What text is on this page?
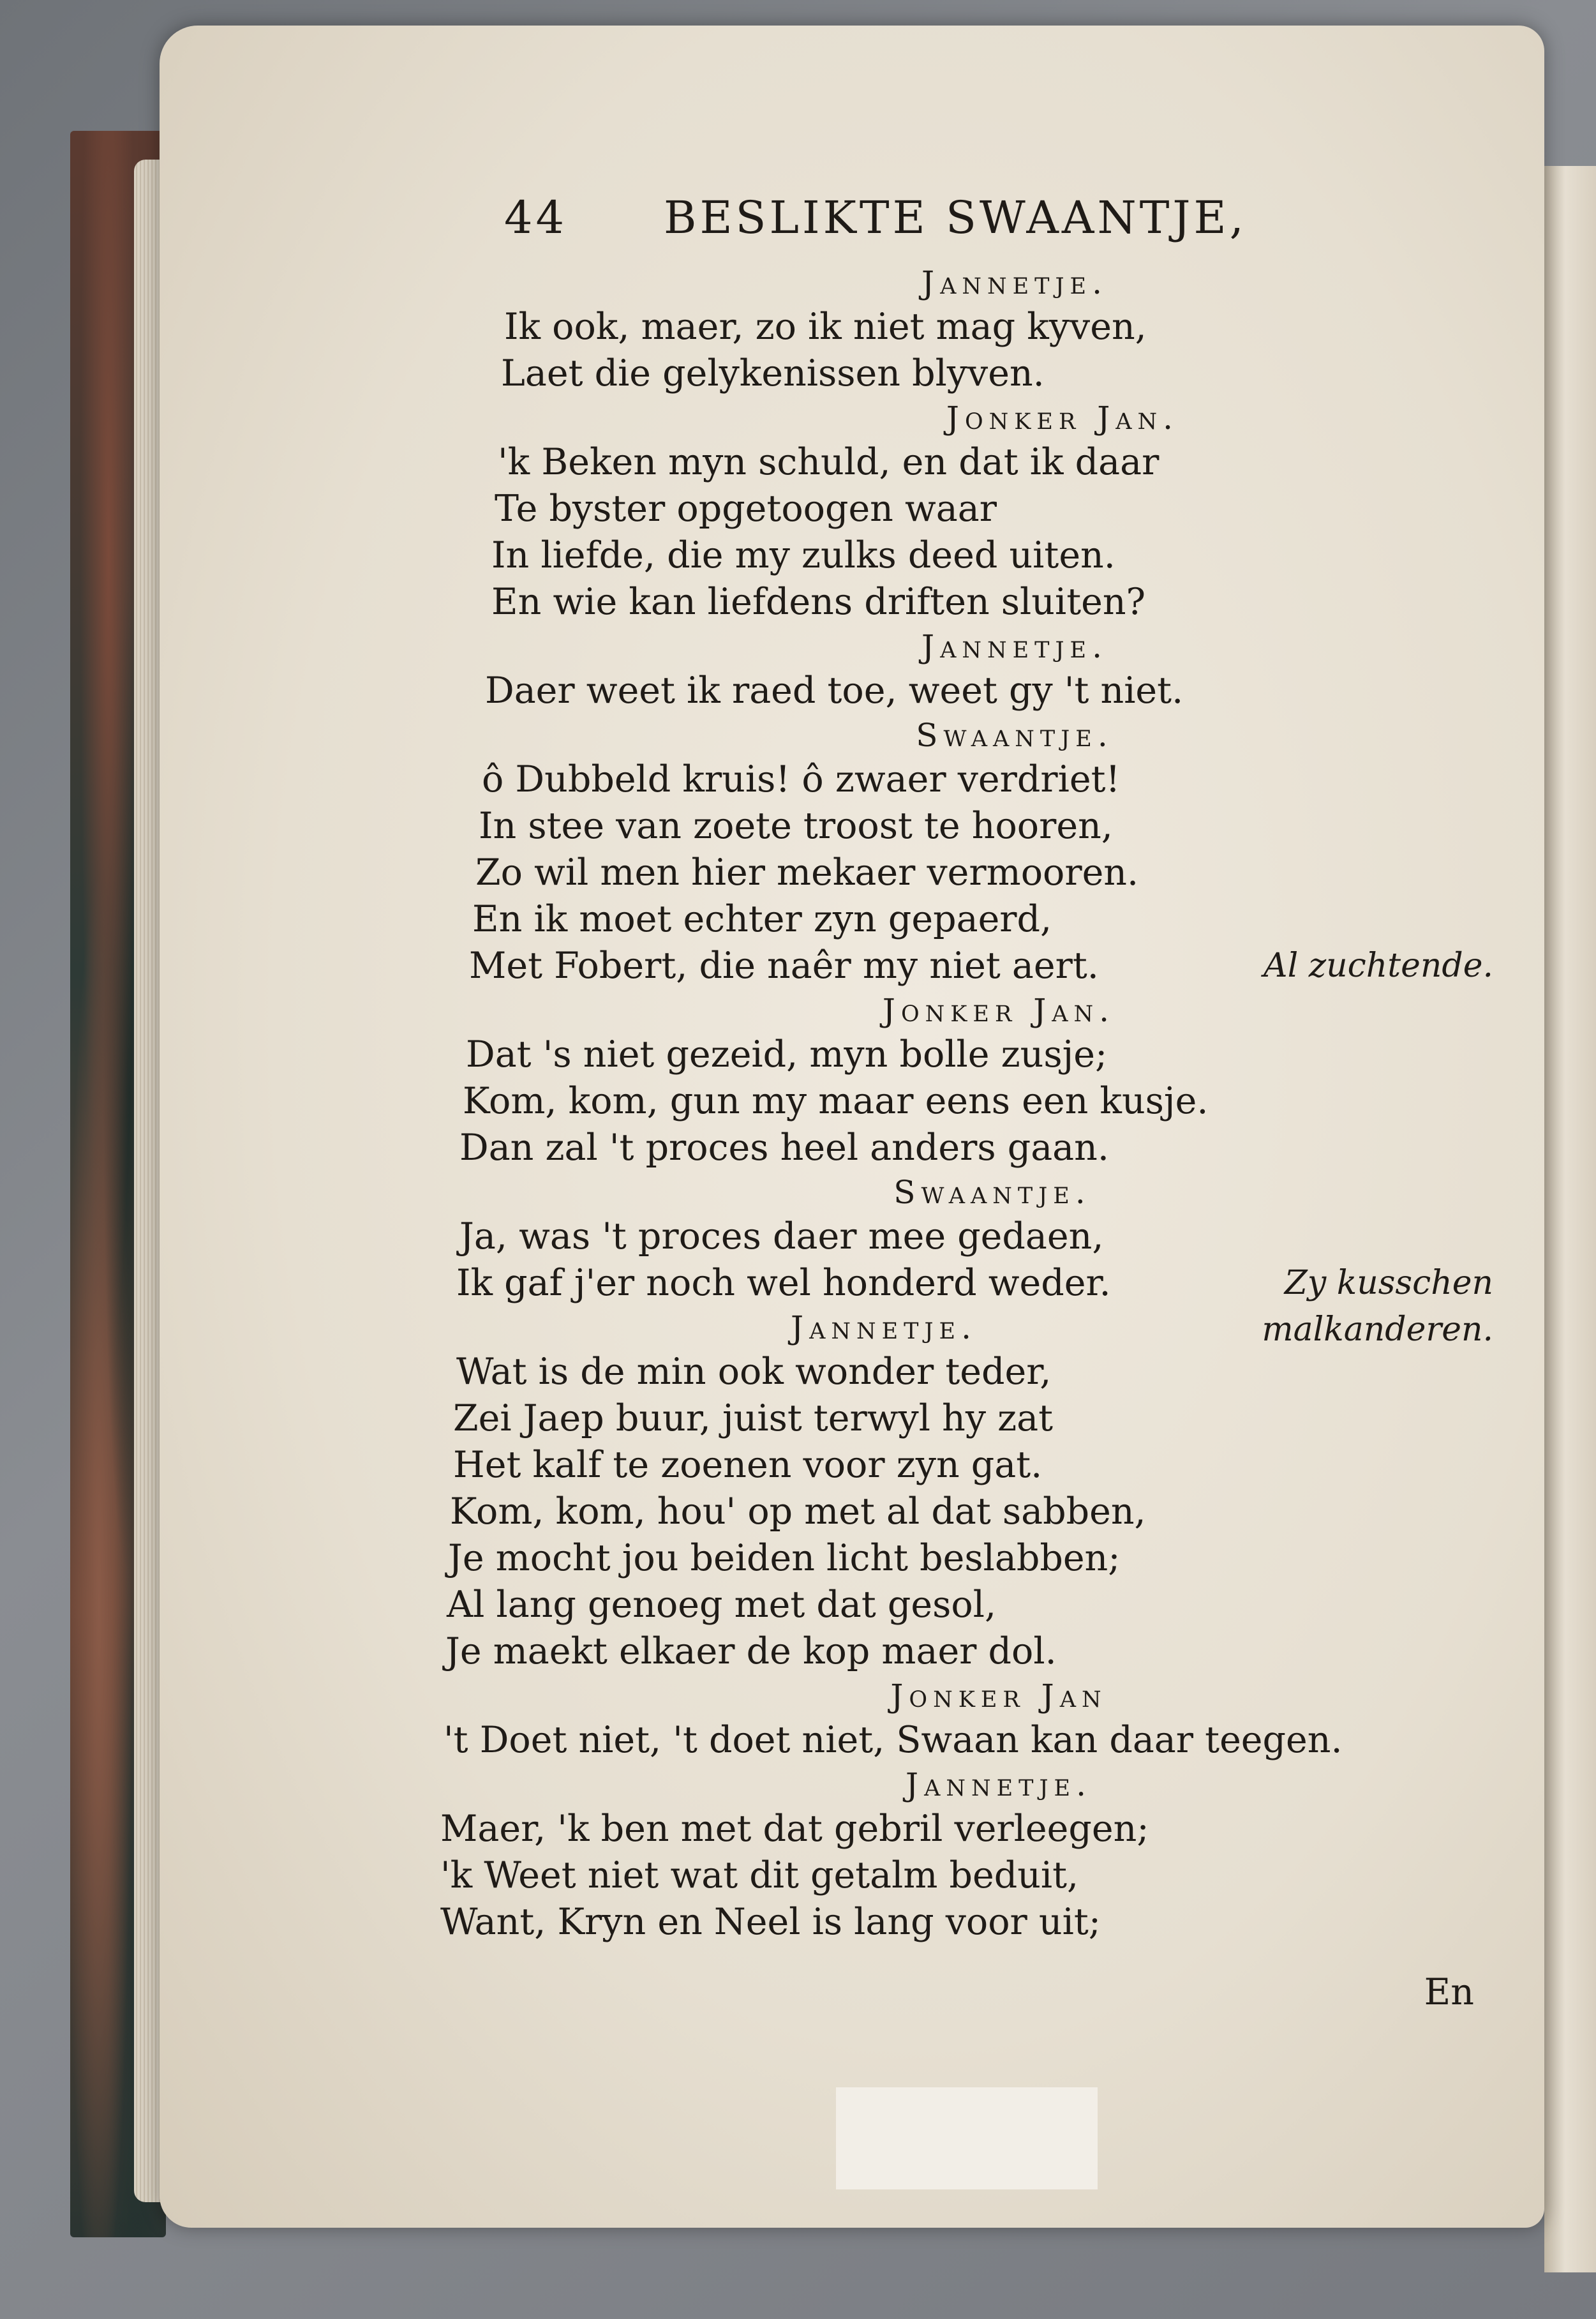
44 BESLIKTE SWAANTJE,
Jannetje.
Ik ook, maer, zo ik niet mag kyven,
Laet die gelykenissen blyven.
Jonker Jan.
'k Beken myn schuld, en dat ik daar
Te byster opgetoogen waar
In liefde, die my zulks deed uiten.
En wie kan liefdens driften sluiten?
Jannetje.
Daer weet ik raed toe, weet gy 't niet.
Swaantje.
ô Dubbeld kruis! ô zwaer verdriet!
In stee van zoete troost te hooren,
Zo wil men hier mekaer vermooren.
En ik moet echter zyn gepaerd,
Met Fobert, die naêr my niet aert.	Al zuchtende.
Jonker Jan.
Dat 's niet gezeid, myn bolle zusje;
Kom, kom, gun my maar eens een kusje.
Dan zal 't proces heel anders gaan.
Swaantje.
Ja, was 't proces daer mee gedaen,
Ik gaf j'er noch wel honderd weder.	Zy kusschen
malkanderen.
Jannetje.
Wat is de min ook wonder teder,
Zei Jaep buur, juist terwyl hy zat
Het kalf te zoenen voor zyn gat.
Kom, kom, hou' op met al dat sabben,
Je mocht jou beiden licht beslabben;
Al lang genoeg met dat gesol,
Je maekt elkaer de kop maer dol.
Jonker Jan
't Doet niet, 't doet niet, Swaan kan daar teegen.
Jannetje.
Maer, 'k ben met dat gebril verleegen;
'k Weet niet wat dit getalm beduit,
Want, Kryn en Neel is lang voor uit;
En
